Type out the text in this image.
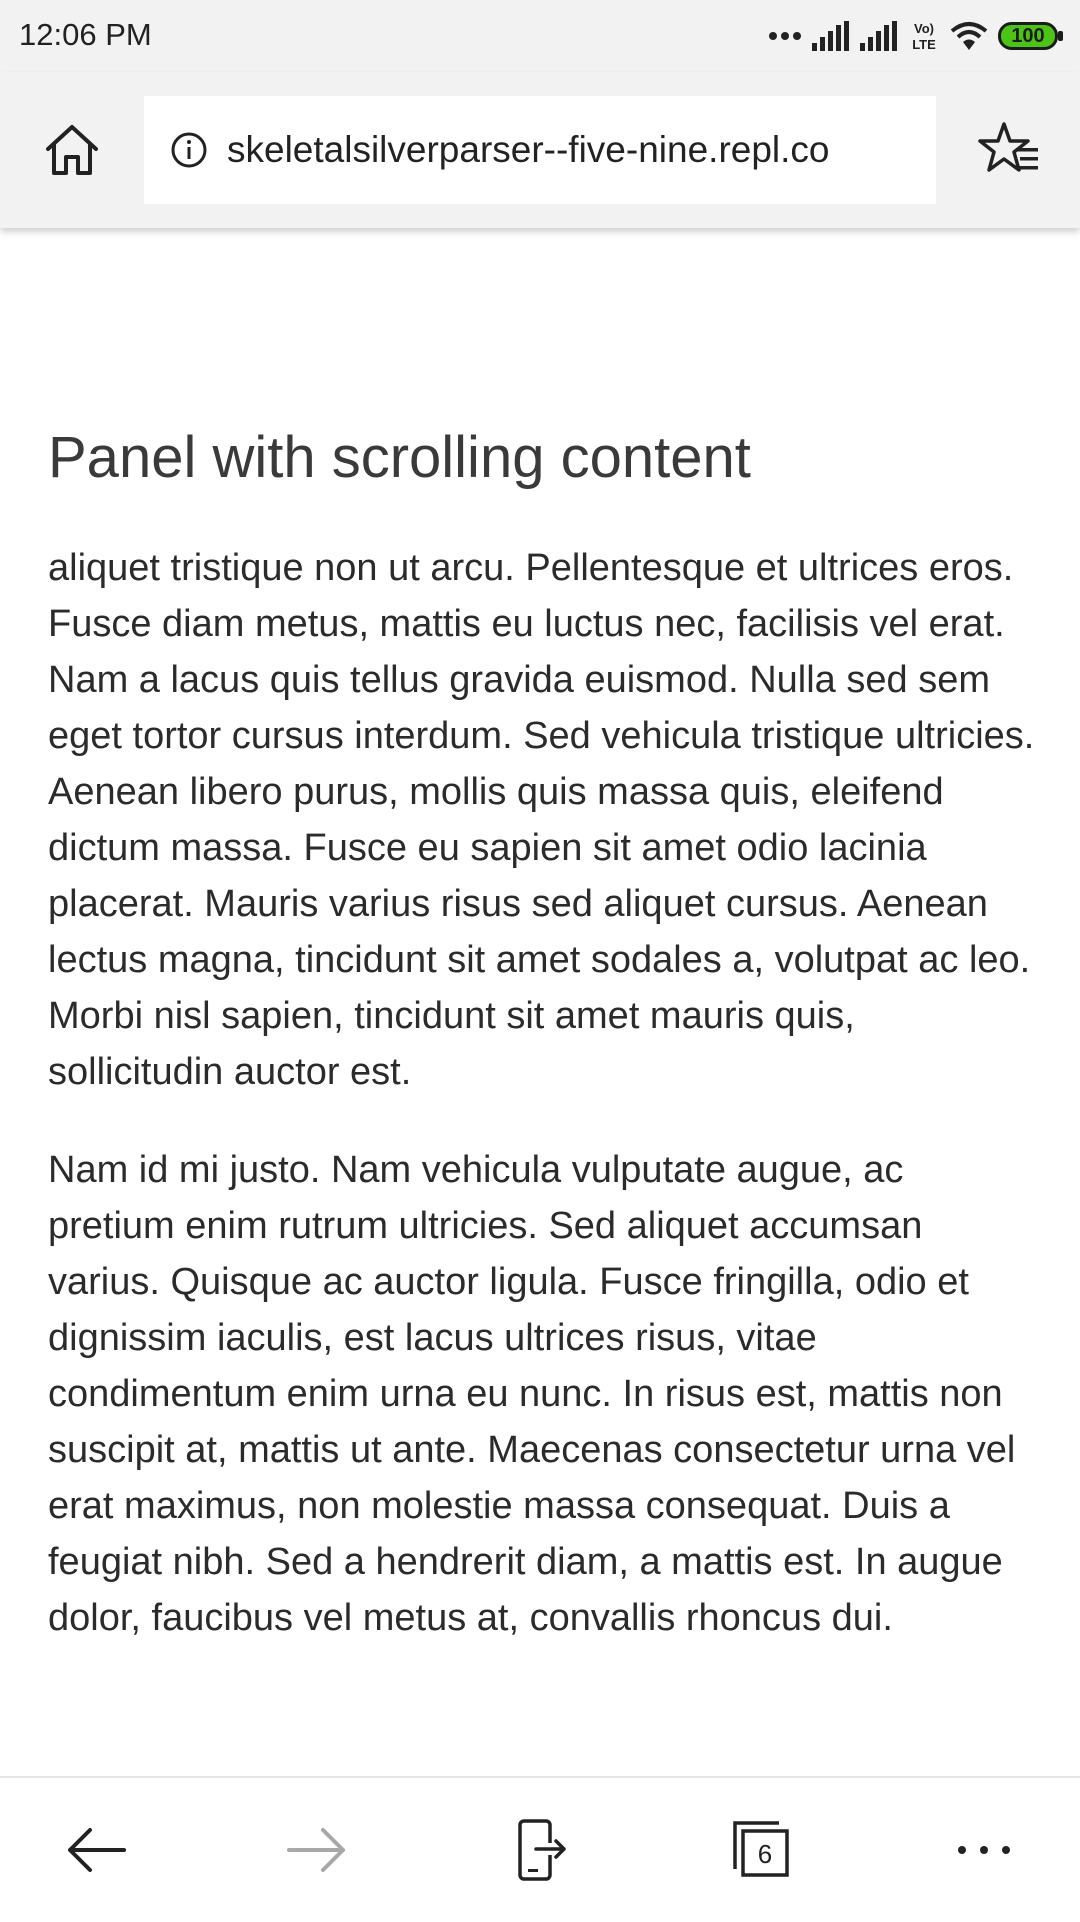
12:06 PM	Vo)
LTE	100
skeletalsilverparser--five-nine.repl.co
Panel with scrolling content

aliquet tristique non ut arcu. Pellentesque et ultrices eros. Fusce diam metus, mattis eu luctus nec, facilisis vel erat. Nam a lacus quis tellus gravida euismod. Nulla sed sem eget tortor cursus interdum. Sed vehicula tristique ultricies. Aenean libero purus, mollis quis massa quis, eleifend dictum massa. Fusce eu sapien sit amet odio lacinia placerat. Mauris varius risus sed aliquet cursus. Aenean lectus magna, tincidunt sit amet sodales a, volutpat ac leo. Morbi nisl sapien, tincidunt sit amet mauris quis, sollicitudin auctor est.

Nam id mi justo. Nam vehicula vulputate augue, ac pretium enim rutrum ultricies. Sed aliquet accumsan varius. Quisque ac auctor ligula. Fusce fringilla, odio et dignissim iaculis, est lacus ultrices risus, vitae condimentum enim urna eu nunc. In risus est, mattis non suscipit at, mattis ut ante. Maecenas consectetur urna vel erat maximus, non molestie massa consequat. Duis a feugiat nibh. Sed a hendrerit diam, a mattis est. In augue dolor, faucibus vel metus at, convallis rhoncus dui.

6
